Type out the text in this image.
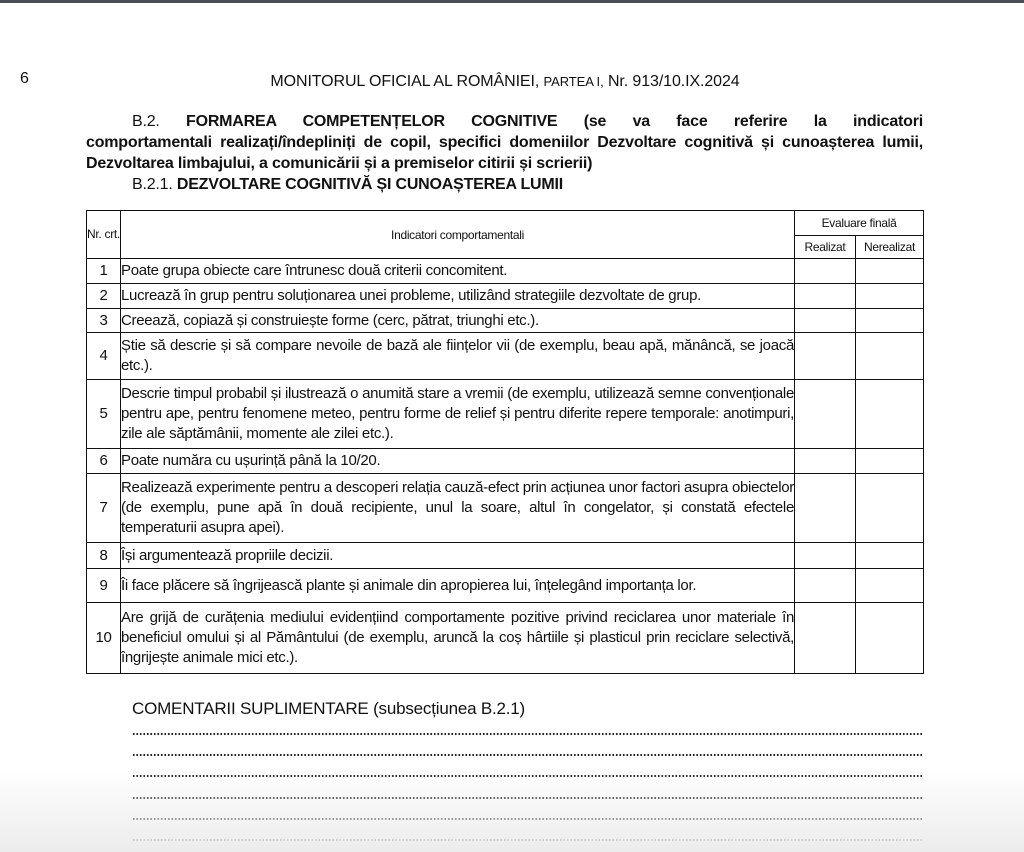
6	MONITORUL OFICIAL AL ROMÂNIEI, PARTEA I, Nr. 913/10.IX.2024

B.2. FORMAREA COMPETENȚELOR COGNITIVE (se va face referire la indicatori

comportamentali realizați/îndepliniți de copil, specifici domeniilor Dezvoltare cognitivă și cunoașterea lumii, Dezvoltarea limbajului, a comunicării și a premiselor citirii și scrierii)

B.2.1. DEZVOLTARE COGNITIVĂ ȘI CUNOAȘTEREA LUMII
Nr. crt.	Indicatori comportamentali	Evaluare finală	
		Realizat	Nerealizat
1	Poate grupa obiecte care întrunesc două criterii concomitent.		
2	Lucrează în grup pentru soluționarea unei probleme, utilizând strategiile dezvoltate de grup.		
3	Creează, copiază și construiește forme (cerc, pătrat, triunghi etc.).		
4	Știe să descrie și să compare nevoile de bază ale ființelor vii (de exemplu, beau apă, mănâncă, se joacă etc.).		
5	Descrie timpul probabil și ilustrează o anumită stare a vremii (de exemplu, utilizează semne convenționale pentru ape, pentru fenomene meteo, pentru forme de relief și pentru diferite repere temporale: anotimpuri, zile ale săptămânii, momente ale zilei etc.).		
6	Poate număra cu ușurință până la 10/20.		
7	Realizează experimente pentru a descoperi relația cauză-efect prin acțiunea unor factori asupra obiectelor (de exemplu, pune apă în două recipiente, unul la soare, altul în congelator, și constată efectele temperaturii asupra apei).		
8	Își argumentează propriile decizii.		
9	Îi face plăcere să îngrijească plante și animale din apropierea lui, înțelegând importanța lor.		
10	Are grijă de curățenia mediului evidențiind comportamente pozitive privind reciclarea unor materiale în beneficiul omului și al Pământului (de exemplu, aruncă la coș hârtiile și plasticul prin reciclare selectivă, îngrijește animale mici etc.).		
COMENTARII SUPLIMENTARE (subsecțiunea B.2.1)
